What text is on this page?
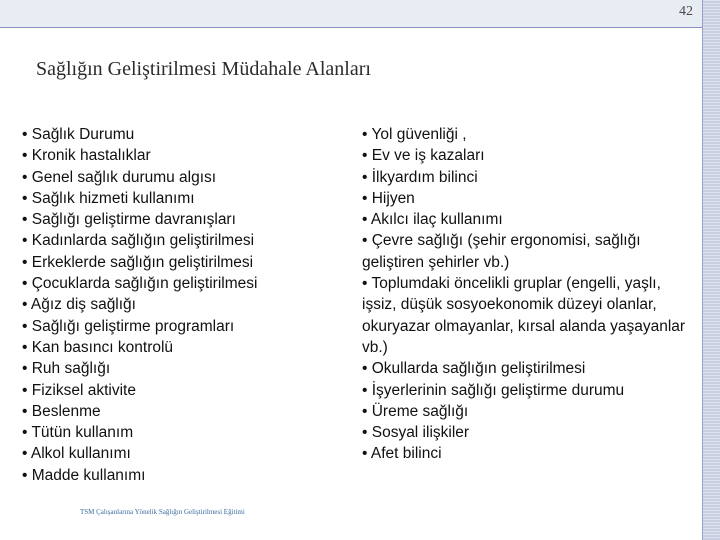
42
Sağlığın Geliştirilmesi Müdahale Alanları
• Sağlık Durumu
• Kronik hastalıklar
• Genel sağlık durumu algısı
• Sağlık hizmeti kullanımı
• Sağlığı geliştirme davranışları
• Kadınlarda sağlığın geliştirilmesi
• Erkeklerde sağlığın geliştirilmesi
• Çocuklarda sağlığın geliştirilmesi
• Ağız diş sağlığı
• Sağlığı geliştirme programları
• Kan basıncı kontrolü
• Ruh sağlığı
• Fiziksel aktivite
• Beslenme
• Tütün kullanım
• Alkol kullanımı
• Madde kullanımı
• Yol güvenliği ,
• Ev ve iş kazaları
• İlkyardım bilinci
• Hijyen
• Akılcı ilaç kullanımı
• Çevre sağlığı (şehir ergonomisi, sağlığı geliştiren şehirler vb.)
• Toplumdaki öncelikli gruplar (engelli, yaşlı, işsiz, düşük sosyoekonomik düzeyi olanlar, okuryazar olmayanlar, kırsal alanda yaşayanlar vb.)
• Okullarda sağlığın geliştirilmesi
• İşyerlerinin sağlığı geliştirme durumu
• Üreme sağlığı
• Sosyal ilişkiler
• Afet bilinci
TSM Çalışanlarına Yönelik Sağlığın Geliştirilmesi Eğitimi
